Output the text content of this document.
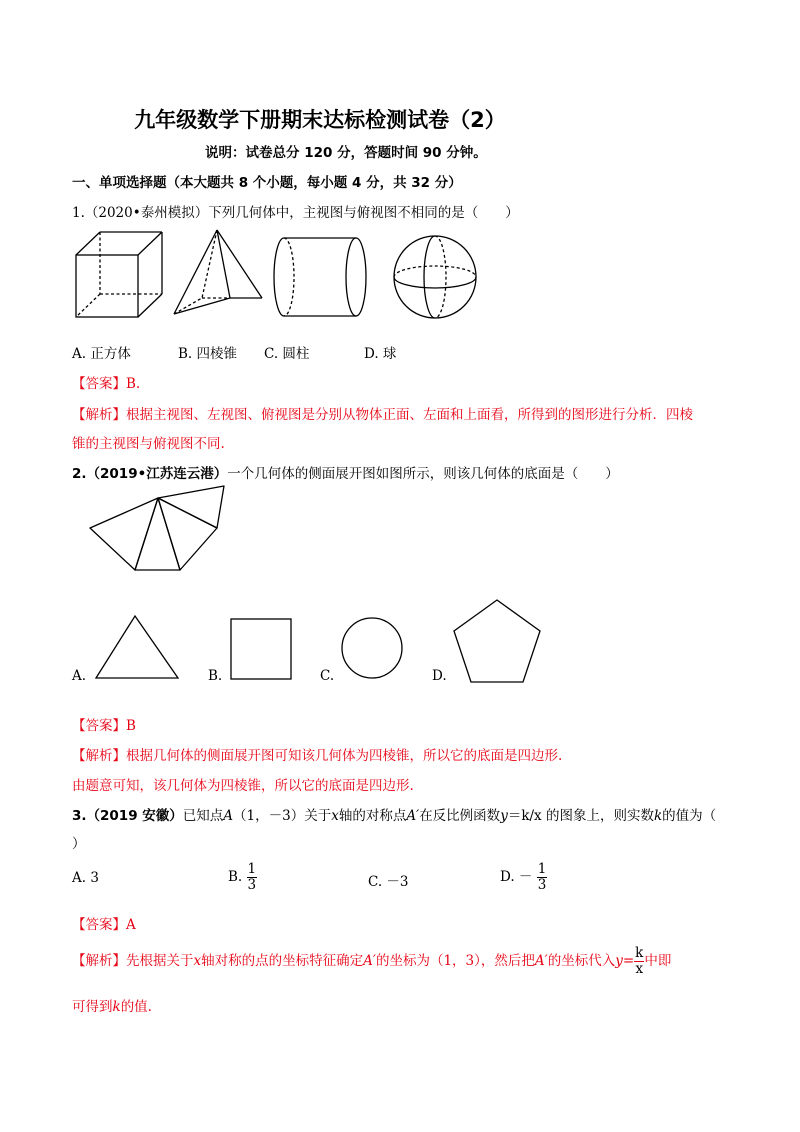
九年级数学下册期末达标检测试卷（2）
说明：试卷总分 120 分，答题时间 90 分钟。
一、单项选择题（本大题共 8 个小题，每小题 4 分，共 32 分）
1.（2020•泰州模拟）下列几何体中，主视图与俯视图不相同的是（　　）
A. 正方体	B. 四棱锥 C. 圆柱	D. 球
【答案】B.
【解析】根据主视图、左视图、俯视图是分别从物体正面、左面和上面看，所得到的图形进行分析．四棱
锥的主视图与俯视图不同.
2.（2019•江苏连云港）一个几何体的侧面展开图如图所示，则该几何体的底面是（　　）
A.	B.	C.	D.
【答案】B
【解析】根据几何体的侧面展开图可知该几何体为四棱锥，所以它的底面是四边形.
由题意可知，该几何体为四棱锥，所以它的底面是四边形.
3.（2019 安徽）已知点A（1，－3）关于x轴的对称点A′在反比例函数y＝k/x 的图象上，则实数k的值为（
）
A. 3	B. $\frac{1}{3}$	C. －3	D. － $\frac{1}{3}$
【答案】A
【解析】先根据关于x轴对称的点的坐标特征确定A′的坐标为（1，3），然后把A′的坐标代入$y= \frac{k}{x}$ 中即
可得到k的值.
